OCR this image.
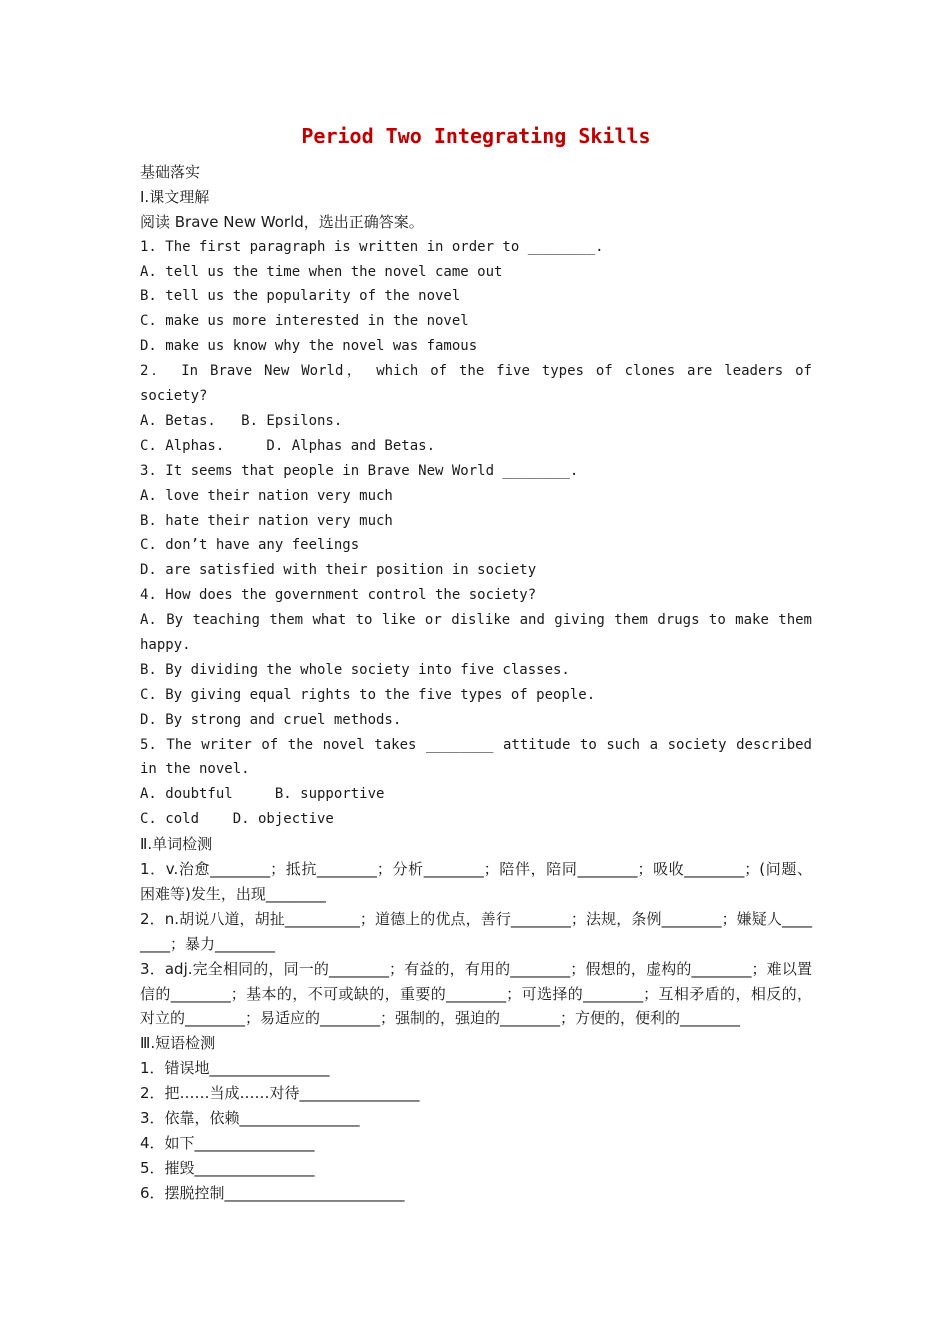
Period Two Integrating Skills
基础落实
Ⅰ.课文理解
阅读 Brave New World，选出正确答案。
1. The first paragraph is written in order to ________.
A. tell us the time when the novel came out
B. tell us the popularity of the novel
C. make us more interested in the novel
D. make us know why the novel was famous
2． In Brave New World， which of the five types of clones are leaders of society?
A. Betas.   B. Epsilons.
C. Alphas.     D. Alphas and Betas.
3. It seems that people in Brave New World ________.
A. love their nation very much
B. hate their nation very much
C. don’t have any feelings
D. are satisfied with their position in society
4. How does the government control the society?
A. By teaching them what to like or dislike and giving them drugs to make them happy.
B. By dividing the whole society into five classes.
C. By giving equal rights to the five types of people.
D. By strong and cruel methods.
5. The writer of the novel takes ________ attitude to such a society described in the novel.
A. doubtful     B. supportive
C. cold    D. objective
Ⅱ.单词检测
1．v.治愈________；抵抗________；分析________；陪伴，陪同________；吸收________；(问题、困难等)发生，出现________
2．n.胡说八道，胡扯__________；道德上的优点，善行________；法规，条例________；嫌疑人________；暴力________
3．adj.完全相同的，同一的________；有益的，有用的________；假想的，虚构的________；难以置信的________；基本的，不可或缺的，重要的________；可选择的________；互相矛盾的，相反的，对立的________；易适应的________；强制的，强迫的________；方便的，便利的________
Ⅲ.短语检测
1．错误地________________
2．把……当成……对待________________
3．依靠，依赖________________
4．如下________________
5．摧毁________________
6．摆脱控制________________________
